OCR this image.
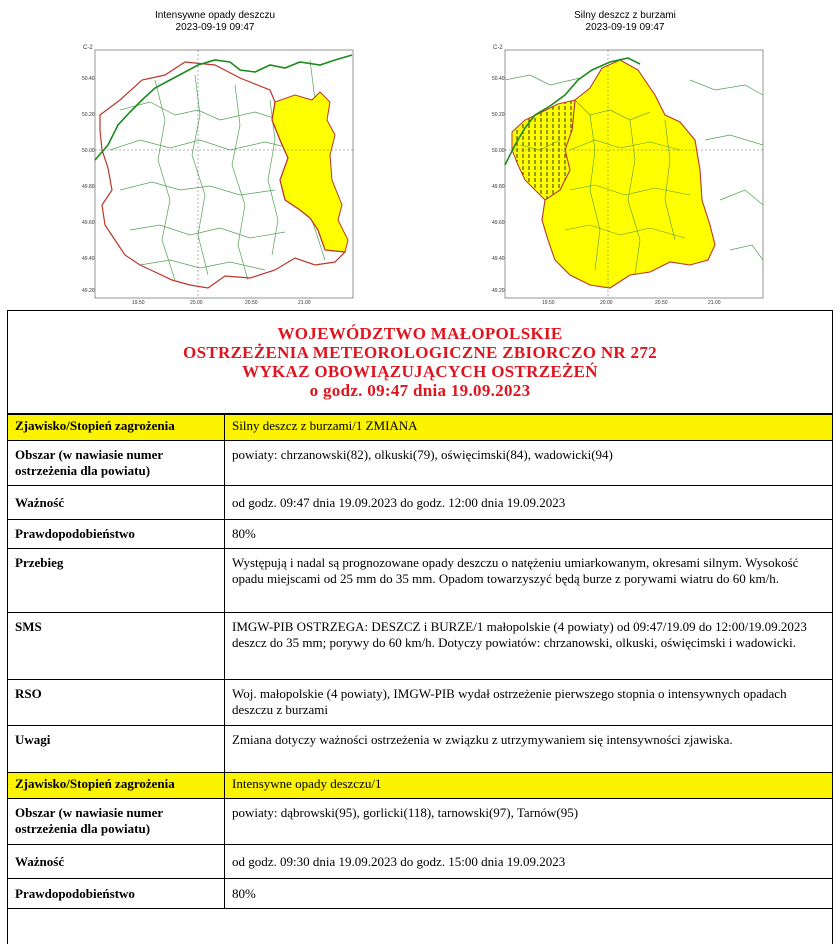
Intensywne opady deszczu
2023-09-19 09:47
C-2
50.40
50.20
50.00
49.80
49.60
49.40
49.20
19.50	20.00	20.50	21.00
Silny deszcz z burzami
2023-09-19 09:47
C-2
50.40
50.20
50.00
49.80
49.60
49.40
49.20
19.50	20.00	20.50	21.00
WOJEWÓDZTWO MAŁOPOLSKIE
OSTRZEŻENIA METEOROLOGICZNE ZBIORCZO NR 272
WYKAZ OBOWIĄZUJĄCYCH OSTRZEŻEŃ
o godz. 09:47 dnia 19.09.2023
Zjawisko/Stopień zagrożenia	Silny deszcz z burzami/1 ZMIANA
Obszar (w nawiasie numer ostrzeżenia dla powiatu)	powiaty: chrzanowski(82), olkuski(79), oświęcimski(84), wadowicki(94)
Ważność	od godz. 09:47 dnia 19.09.2023 do godz. 12:00 dnia 19.09.2023
Prawdopodobieństwo	80%
Przebieg	Występują i nadal są prognozowane opady deszczu o natężeniu umiarkowanym, okresami silnym. Wysokość opadu miejscami od 25 mm do 35 mm. Opadom towarzyszyć będą burze z porywami wiatru do 60 km/h.
SMS	IMGW-PIB OSTRZEGA: DESZCZ i BURZE/1 małopolskie (4 powiaty) od 09:47/19.09 do 12:00/19.09.2023 deszcz do 35 mm; porywy do 60 km/h. Dotyczy powiatów: chrzanowski, olkuski, oświęcimski i wadowicki.
RSO	Woj. małopolskie (4 powiaty), IMGW-PIB wydał ostrzeżenie pierwszego stopnia o intensywnych opadach deszczu z burzami
Uwagi	Zmiana dotyczy ważności ostrzeżenia w związku z utrzymywaniem się intensywności zjawiska.
Zjawisko/Stopień zagrożenia	Intensywne opady deszczu/1
Obszar (w nawiasie numer ostrzeżenia dla powiatu)	powiaty: dąbrowski(95), gorlicki(118), tarnowski(97), Tarnów(95)
Ważność	od godz. 09:30 dnia 19.09.2023 do godz. 15:00 dnia 19.09.2023
Prawdopodobieństwo	80%
